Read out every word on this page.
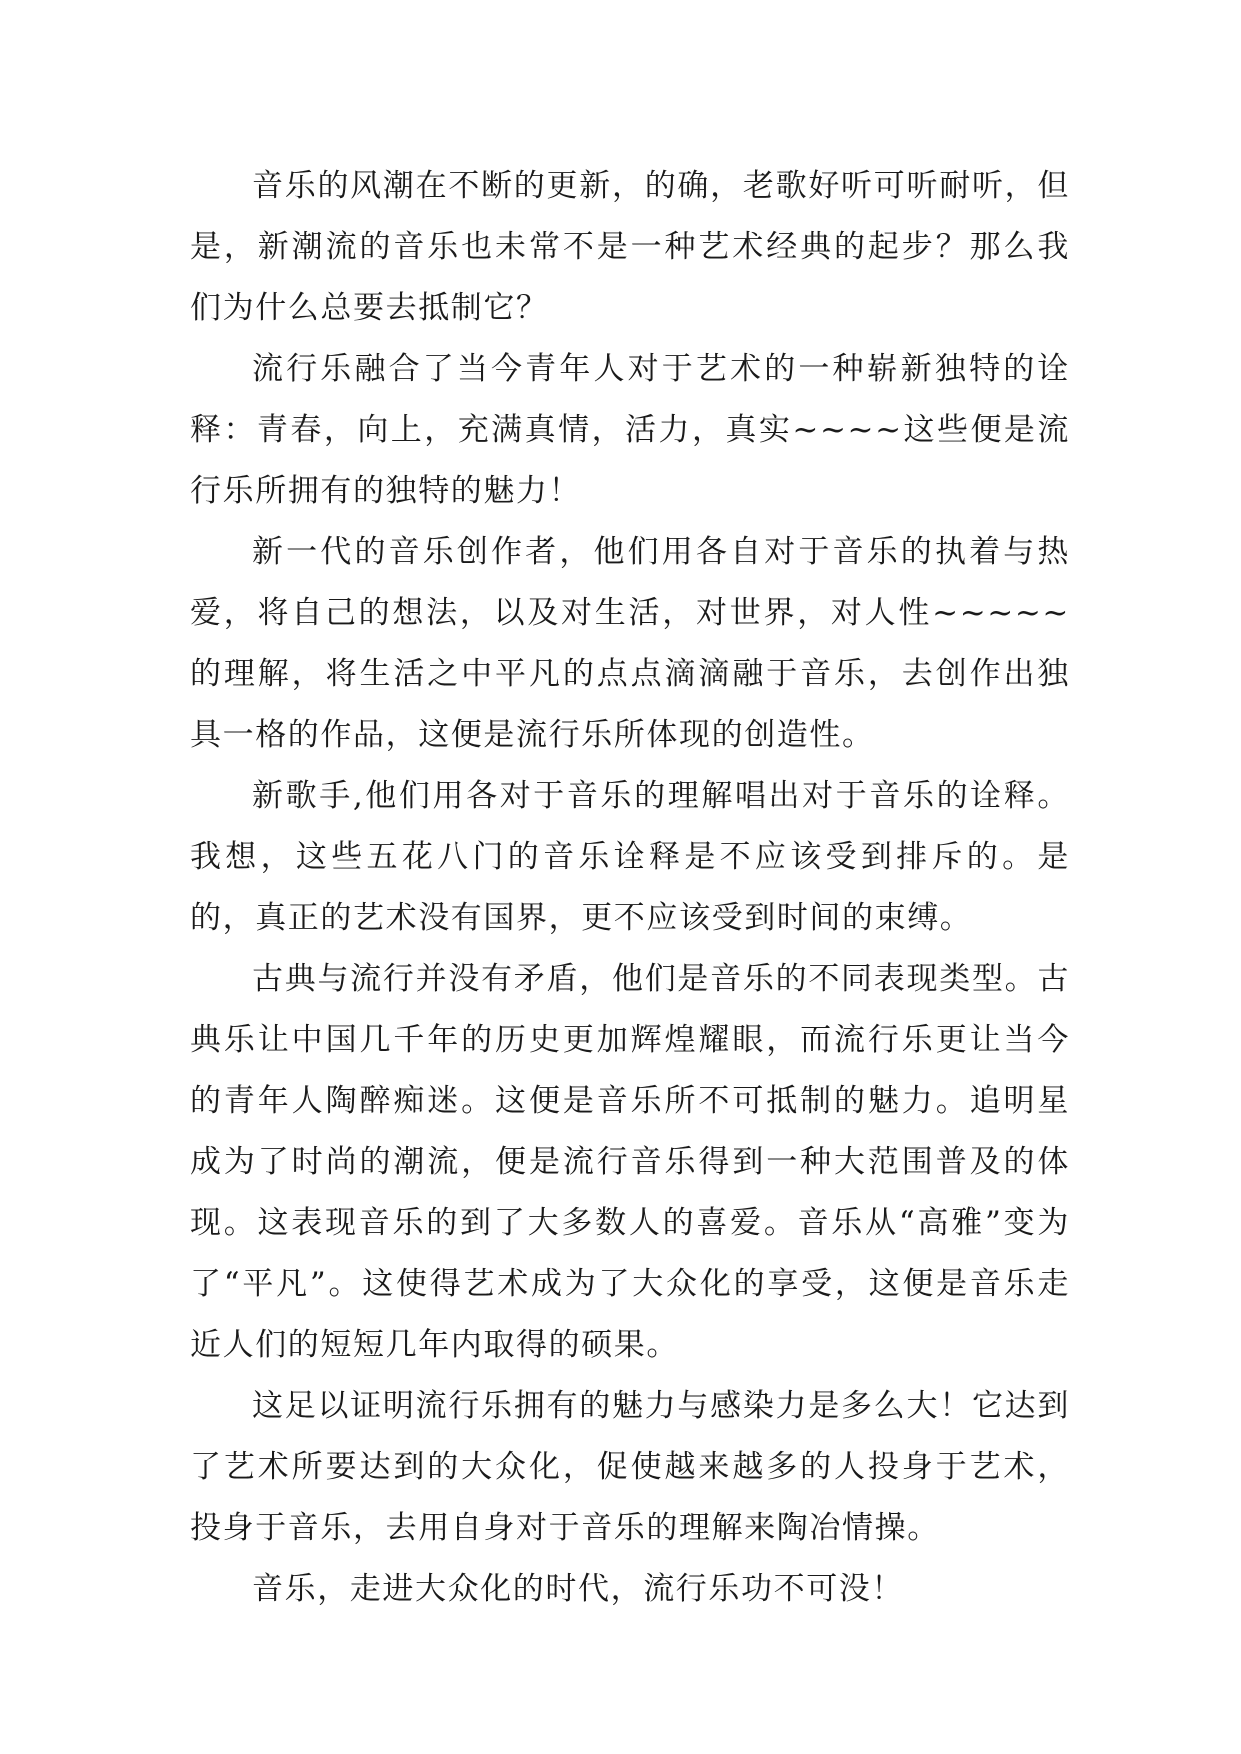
音乐的风潮在不断的更新，的确，老歌好听可听耐听，但是，新潮流的音乐也未常不是一种艺术经典的起步？那么我们为什么总要去抵制它？

流行乐融合了当今青年人对于艺术的一种崭新独特的诠释：青春，向上，充满真情，活力，真实~~~~这些便是流行乐所拥有的独特的魅力！

新一代的音乐创作者，他们用各自对于音乐的执着与热爱，将自己的想法，以及对生活，对世界，对人性~~~~~的理解，将生活之中平凡的点点滴滴融于音乐，去创作出独具一格的作品，这便是流行乐所体现的创造性。

新歌手,他们用各对于音乐的理解唱出对于音乐的诠释。我想，这些五花八门的音乐诠释是不应该受到排斥的。是的，真正的艺术没有国界，更不应该受到时间的束缚。

古典与流行并没有矛盾，他们是音乐的不同表现类型。古典乐让中国几千年的历史更加辉煌耀眼，而流行乐更让当今的青年人陶醉痴迷。这便是音乐所不可抵制的魅力。追明星成为了时尚的潮流，便是流行音乐得到一种大范围普及的体现。这表现音乐的到了大多数人的喜爱。音乐从“高雅”变为了“平凡”。这使得艺术成为了大众化的享受，这便是音乐走近人们的短短几年内取得的硕果。

这足以证明流行乐拥有的魅力与感染力是多么大！它达到了艺术所要达到的大众化，促使越来越多的人投身于艺术，投身于音乐，去用自身对于音乐的理解来陶冶情操。

音乐，走进大众化的时代，流行乐功不可没！
